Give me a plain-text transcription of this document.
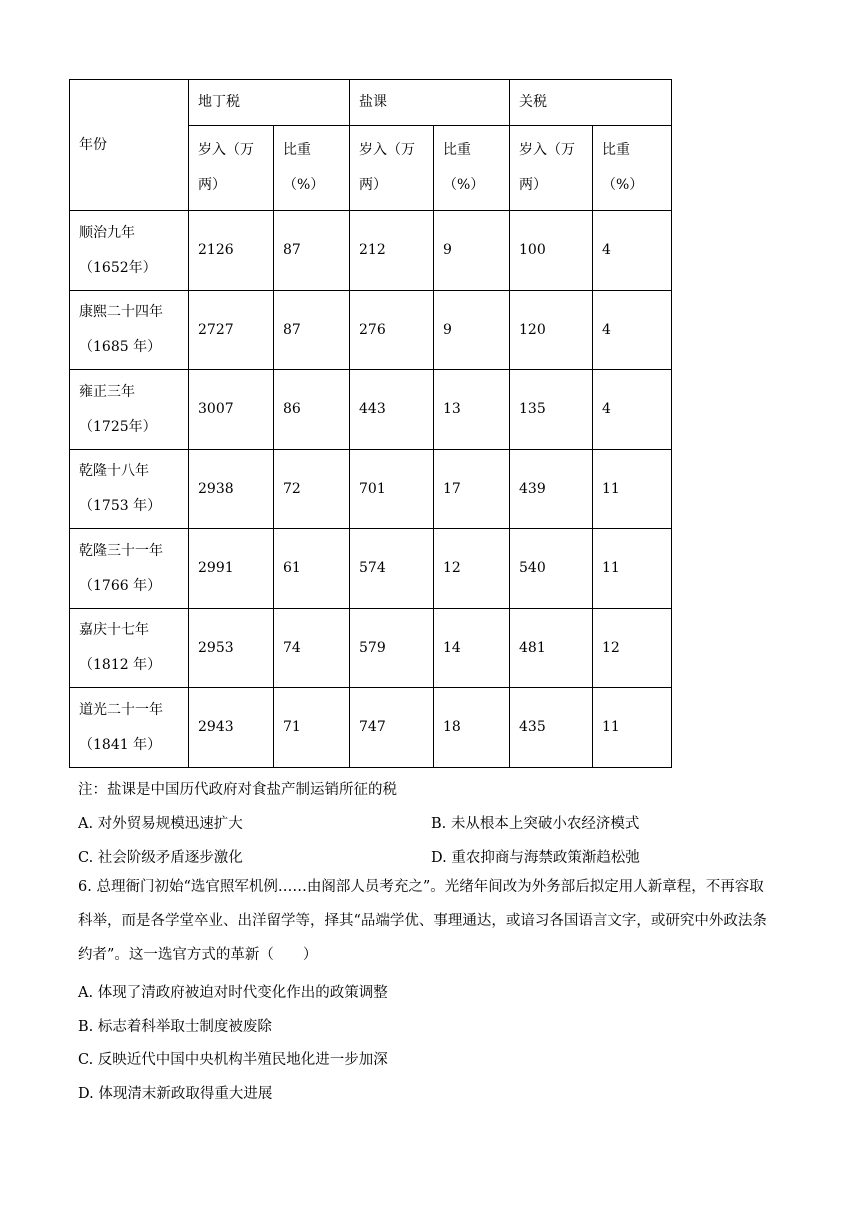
年份	地丁税		盐课		关税	
	岁入（万两）	比重（%）	岁入（万两）	比重（%）	岁入（万两）	比重（%）
顺治九年（1652年）	2126	87	212	9	100	4
康熙二十四年（1685 年）	2727	87	276	9	120	4
雍正三年（1725年）	3007	86	443	13	135	4
乾隆十八年（1753 年）	2938	72	701	17	439	11
乾隆三十一年（1766 年）	2991	61	574	12	540	11
嘉庆十七年（1812 年）	2953	74	579	14	481	12
道光二十一年（1841 年）	2943	71	747	18	435	11
注：盐课是中国历代政府对食盐产制运销所征的税
A. 对外贸易规模迅速扩大	B. 未从根本上突破小农经济模式
C. 社会阶级矛盾逐步激化	D. 重农抑商与海禁政策渐趋松弛
6. 总理衙门初始“选官照军机例……由阁部人员考充之”。光绪年间改为外务部后拟定用人新章程，不再容取科举，而是各学堂卒业、出洋留学等，择其“品端学优、事理通达，或谙习各国语言文字，或研究中外政法条约者”。这一选官方式的革新（　　）
A. 体现了清政府被迫对时代变化作出的政策调整
B. 标志着科举取士制度被废除
C. 反映近代中国中央机构半殖民地化进一步加深
D. 体现清末新政取得重大进展
